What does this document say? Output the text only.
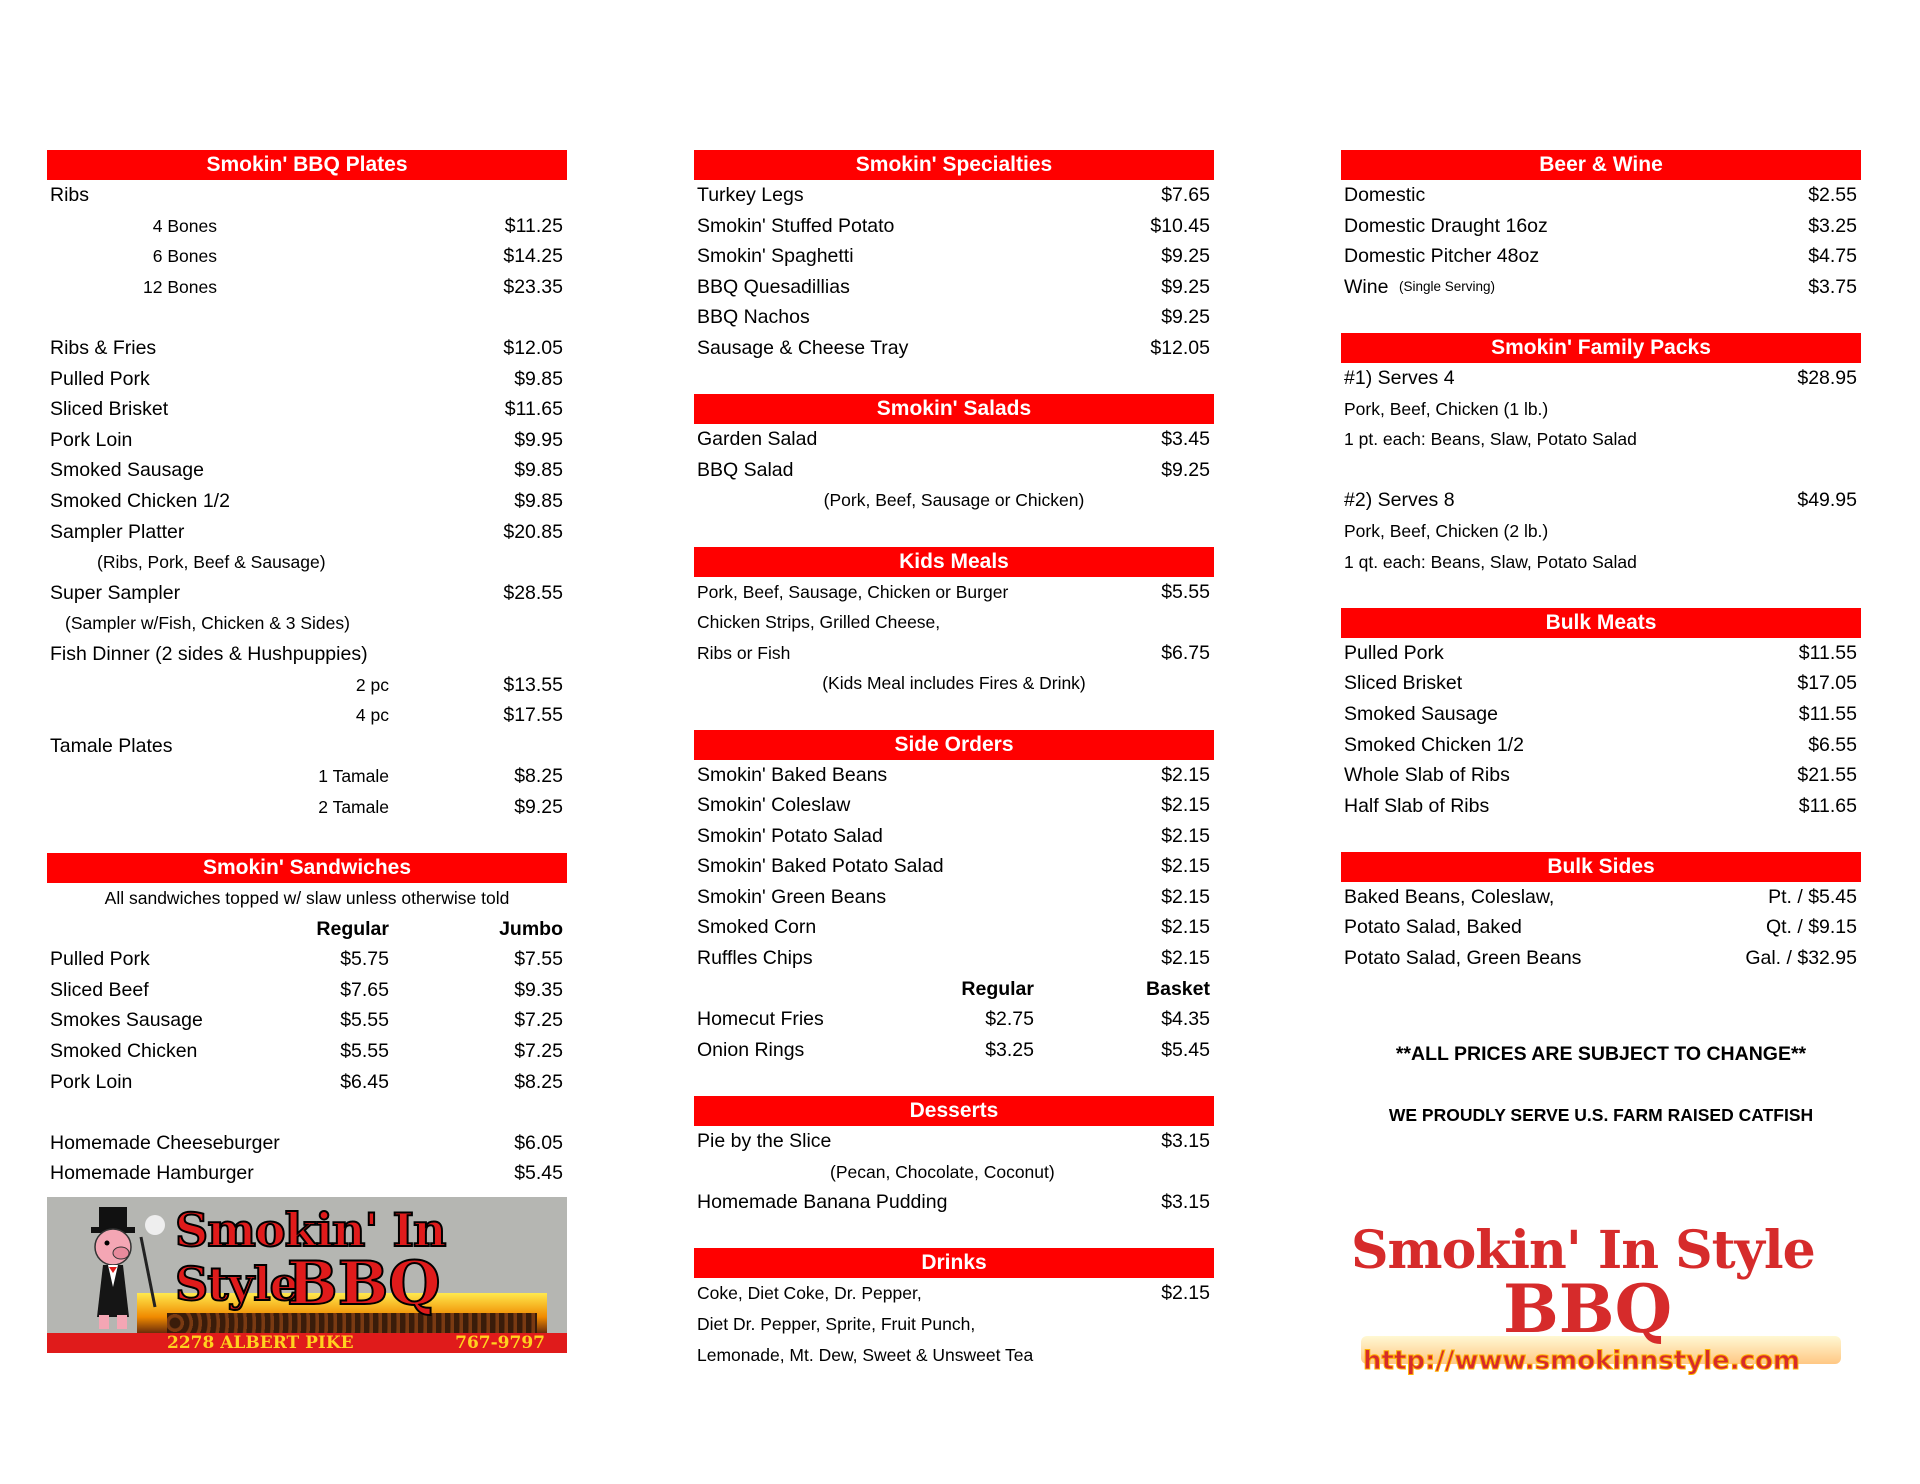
Smokin' BBQ Plates
Ribs
4 Bones	$11.25
6 Bones	$14.25
12 Bones	$23.35
Ribs & Fries	$12.05
Pulled Pork	$9.85
Sliced Brisket	$11.65
Pork Loin	$9.95
Smoked Sausage	$9.85
Smoked Chicken 1/2	$9.85
Sampler Platter	$20.85
(Ribs, Pork, Beef & Sausage)
Super Sampler	$28.55
(Sampler w/Fish, Chicken & 3 Sides)
Fish Dinner (2 sides & Hushpuppies)
2 pc	$13.55
4 pc	$17.55
Tamale Plates
1 Tamale	$8.25
2 Tamale	$9.25
Smokin' Sandwiches
All sandwiches topped w/ slaw unless otherwise told
Regular	Jumbo
Pulled Pork	$5.75	$7.55
Sliced Beef	$7.65	$9.35
Smokes Sausage	$5.55	$7.25
Smoked Chicken	$5.55	$7.25
Pork Loin	$6.45	$8.25
Homemade Cheeseburger	$6.05
Homemade Hamburger	$5.45
Smokin' In Style
BBQ
2278 ALBERT PIKE	767-9797
Smokin' Specialties
Turkey Legs	$7.65
Smokin' Stuffed Potato	$10.45
Smokin' Spaghetti	$9.25
BBQ Quesadillias	$9.25
BBQ Nachos	$9.25
Sausage & Cheese Tray	$12.05
Smokin' Salads
Garden Salad	$3.45
BBQ Salad	$9.25
(Pork, Beef, Sausage or Chicken)
Kids Meals
Pork, Beef, Sausage, Chicken or Burger	$5.55
Chicken Strips, Grilled Cheese,
Ribs or Fish	$6.75
(Kids Meal includes Fires & Drink)
Side Orders
Smokin' Baked Beans	$2.15
Smokin' Coleslaw	$2.15
Smokin' Potato Salad	$2.15
Smokin' Baked Potato Salad	$2.15
Smokin' Green Beans	$2.15
Smoked Corn	$2.15
Ruffles Chips	$2.15
Regular	Basket
Homecut Fries	$2.75	$4.35
Onion Rings	$3.25	$5.45
Desserts
Pie by the Slice	$3.15
(Pecan, Chocolate, Coconut)
Homemade Banana Pudding	$3.15
Drinks
Coke, Diet Coke, Dr. Pepper,	$2.15
Diet Dr. Pepper, Sprite, Fruit Punch,
Lemonade, Mt. Dew, Sweet & Unsweet Tea
Beer & Wine
Domestic	$2.55
Domestic Draught 16oz	$3.25
Domestic Pitcher 48oz	$4.75
Wine (Single Serving)	$3.75
Smokin' Family Packs
#1) Serves 4	$28.95
Pork, Beef, Chicken (1 lb.)
1 pt. each: Beans, Slaw, Potato Salad
#2) Serves 8	$49.95
Pork, Beef, Chicken (2 lb.)
1 qt. each: Beans, Slaw, Potato Salad
Bulk Meats
Pulled Pork	$11.55
Sliced Brisket	$17.05
Smoked Sausage	$11.55
Smoked Chicken 1/2	$6.55
Whole Slab of Ribs	$21.55
Half Slab of Ribs	$11.65
Bulk Sides
Baked Beans, Coleslaw,	Pt. / $5.45
Potato Salad, Baked	Qt. / $9.15
Potato Salad, Green Beans	Gal. / $32.95
**ALL PRICES ARE SUBJECT TO CHANGE**
WE PROUDLY SERVE U.S. FARM RAISED CATFISH
Smokin' In Style
BBQ
http://www.smokinnstyle.com
